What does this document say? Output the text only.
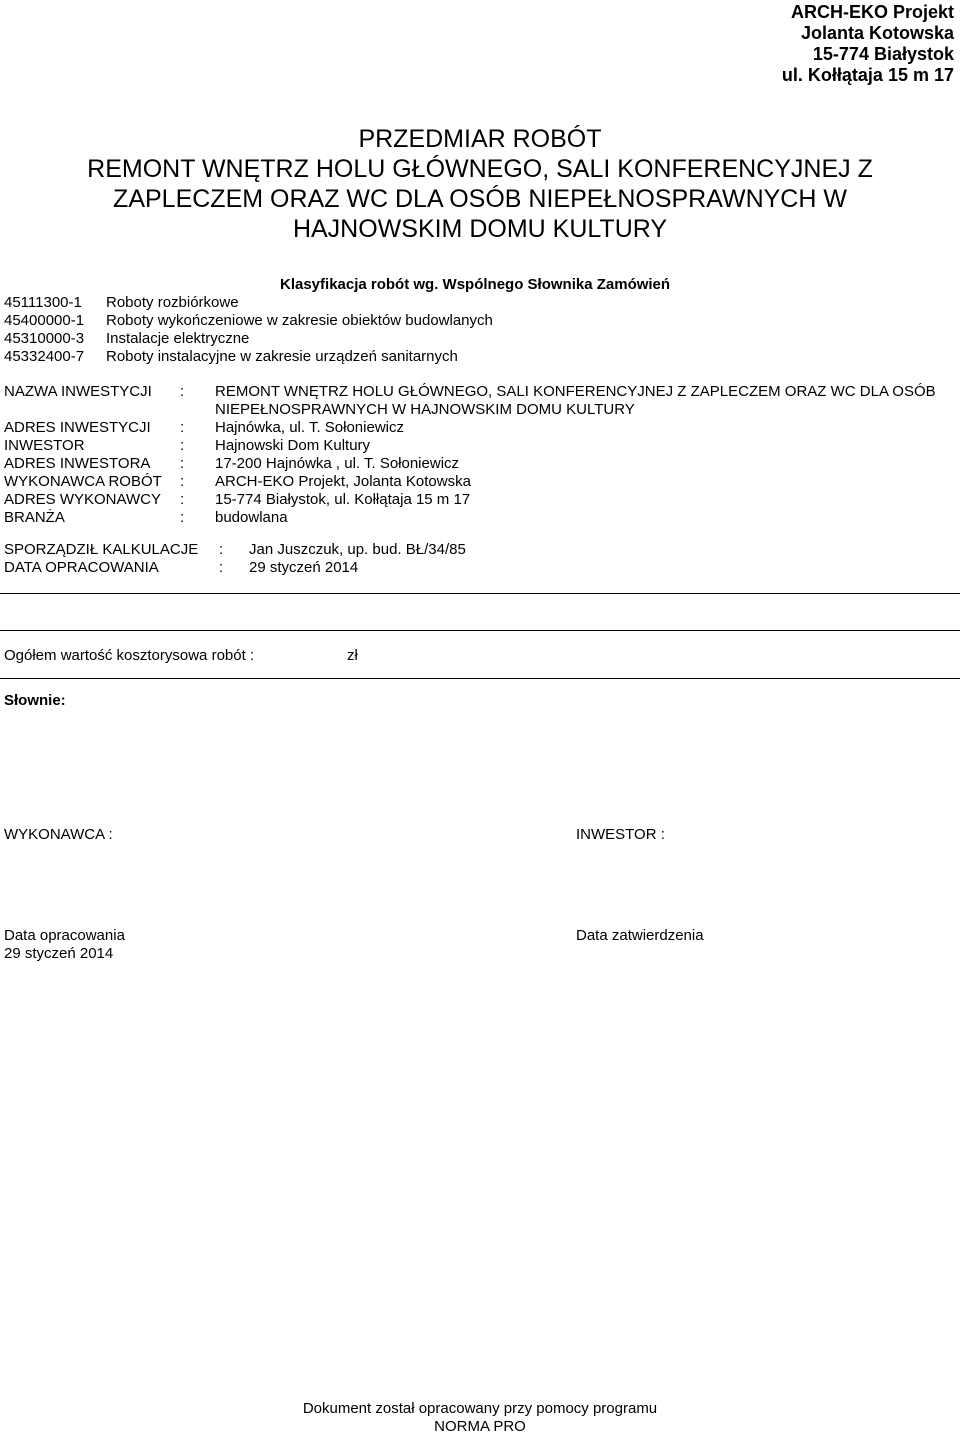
ARCH-EKO Projekt
Jolanta Kotowska
15-774 Białystok
ul. Kołłątaja 15 m 17
PRZEDMIAR ROBÓT
REMONT WNĘTRZ HOLU GŁÓWNEGO, SALI KONFERENCYJNEJ Z
ZAPLECZEM ORAZ WC DLA OSÓB NIEPEŁNOSPRAWNYCH W
HAJNOWSKIM DOMU KULTURY
Klasyfikacja robót wg. Wspólnego Słownika Zamówień
45111300-1	Roboty rozbiórkowe
45400000-1	Roboty wykończeniowe w zakresie obiektów budowlanych
45310000-3	Instalacje elektryczne
45332400-7	Roboty instalacyjne w zakresie urządzeń sanitarnych
NAZWA INWESTYCJI	:	REMONT WNĘTRZ HOLU GŁÓWNEGO, SALI KONFERENCYJNEJ Z ZAPLECZEM ORAZ WC DLA OSÓB NIEPEŁNOSPRAWNYCH W HAJNOWSKIM DOMU KULTURY
ADRES INWESTYCJI	:	Hajnówka, ul. T. Sołoniewicz
INWESTOR	:	Hajnowski Dom Kultury
ADRES INWESTORA	:	17-200 Hajnówka , ul. T. Sołoniewicz
WYKONAWCA ROBÓT	:	ARCH-EKO Projekt, Jolanta Kotowska
ADRES WYKONAWCY	:	15-774 Białystok, ul. Kołłątaja 15 m 17
BRANŻA	:	budowlana
SPORZĄDZIŁ KALKULACJE	:	Jan Juszczuk, up. bud. BŁ/34/85
DATA OPRACOWANIA	:	29 styczeń 2014
Ogółem wartość kosztorysowa robót :	zł
Słownie:
WYKONAWCA :	INWESTOR :
Data opracowania
29 styczeń 2014
Data zatwierdzenia
Dokument został opracowany przy pomocy programu
NORMA PRO
